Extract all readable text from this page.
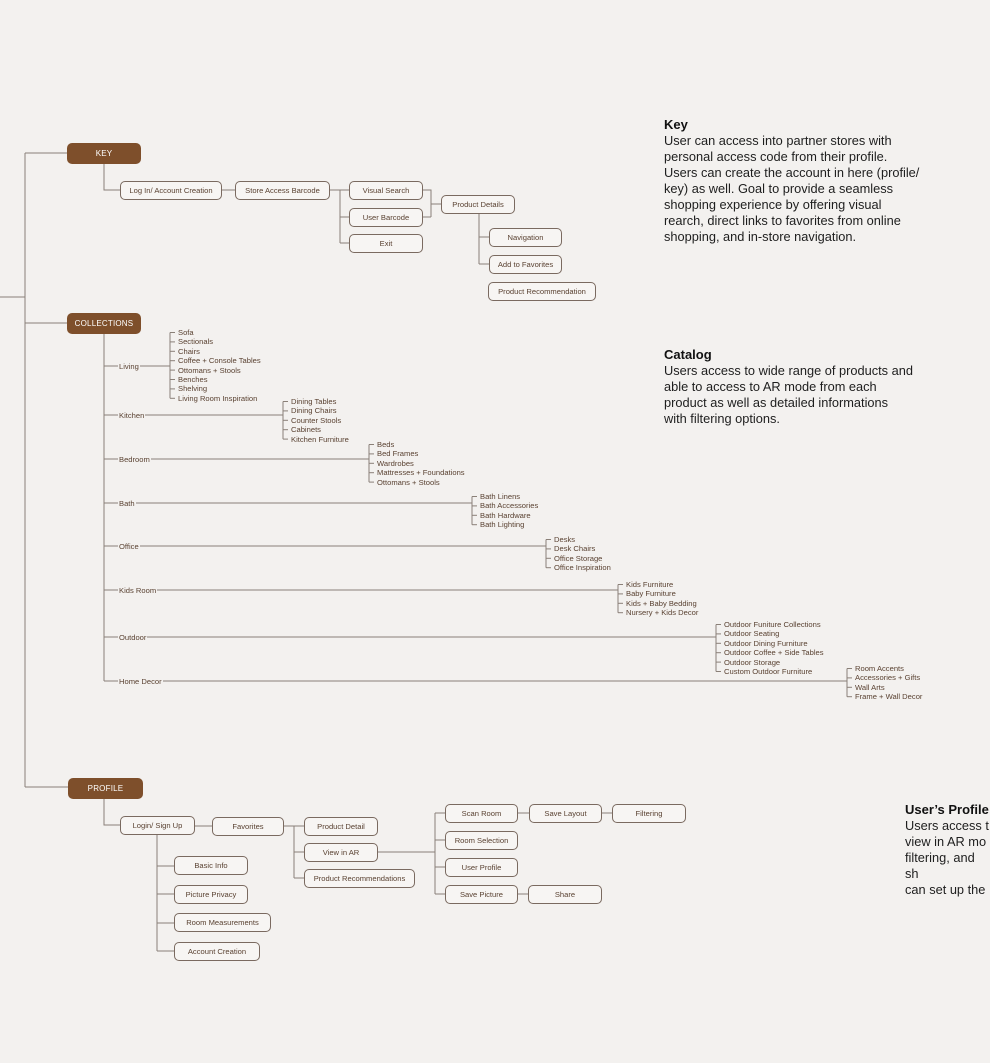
KEY
COLLECTIONS
PROFILE
Log In/ Account Creation	Store Access Barcode	Visual Search
User Barcode
Exit
Product Details
Navigation
Add to Favorites
Product Recommendation
Living
Sofa
Sectionals
Chairs
Coffee + Console Tables
Ottomans + Stools
Benches
Shelving
Living Room Inspiration
Kitchen
Dining Tables
Dining Chairs
Counter Stools
Cabinets
Kitchen Furniture
Bedroom
Beds
Bed Frames
Wardrobes
Mattresses + Foundations
Ottomans + Stools
Bath
Bath Linens
Bath Accessories
Bath Hardware
Bath Lighting
Office
Desks
Desk Chairs
Office Storage
Office Inspiration
Kids Room
Kids Furniture
Baby Furniture
Kids + Baby Bedding
Nursery + Kids Decor
Outdoor
Outdoor Funiture Collections
Outdoor Seating
Outdoor Dining Furniture
Outdoor Coffee + Side Tables
Outdoor Storage
Custom Outdoor Furniture
Home Decor
Room Accents
Accessories + Gifts
Wall Arts
Frame + Wall Decor
Login/ Sign Up	Favorites
Basic Info
Picture Privacy
Room Measurements
Account Creation
Product Detail
View in AR
Product Recommendations
Scan Room	Save Layout	Filtering
Room Selection
User Profile
Save Picture	Share
Key

User can access into partner stores with
personal access code from their profile.
Users can create the account in here (profile/
key) as well. Goal to provide a seamless
shopping experience by offering visual
rearch, direct links to favorites from online
shopping, and in-store navigation.

Catalog

Users access to wide range of products and
able to access to AR mode from each
product as well as detailed informations
with filtering options.

User’s Profile

Users access t
view in AR mo
filtering, and sh
can set up the
